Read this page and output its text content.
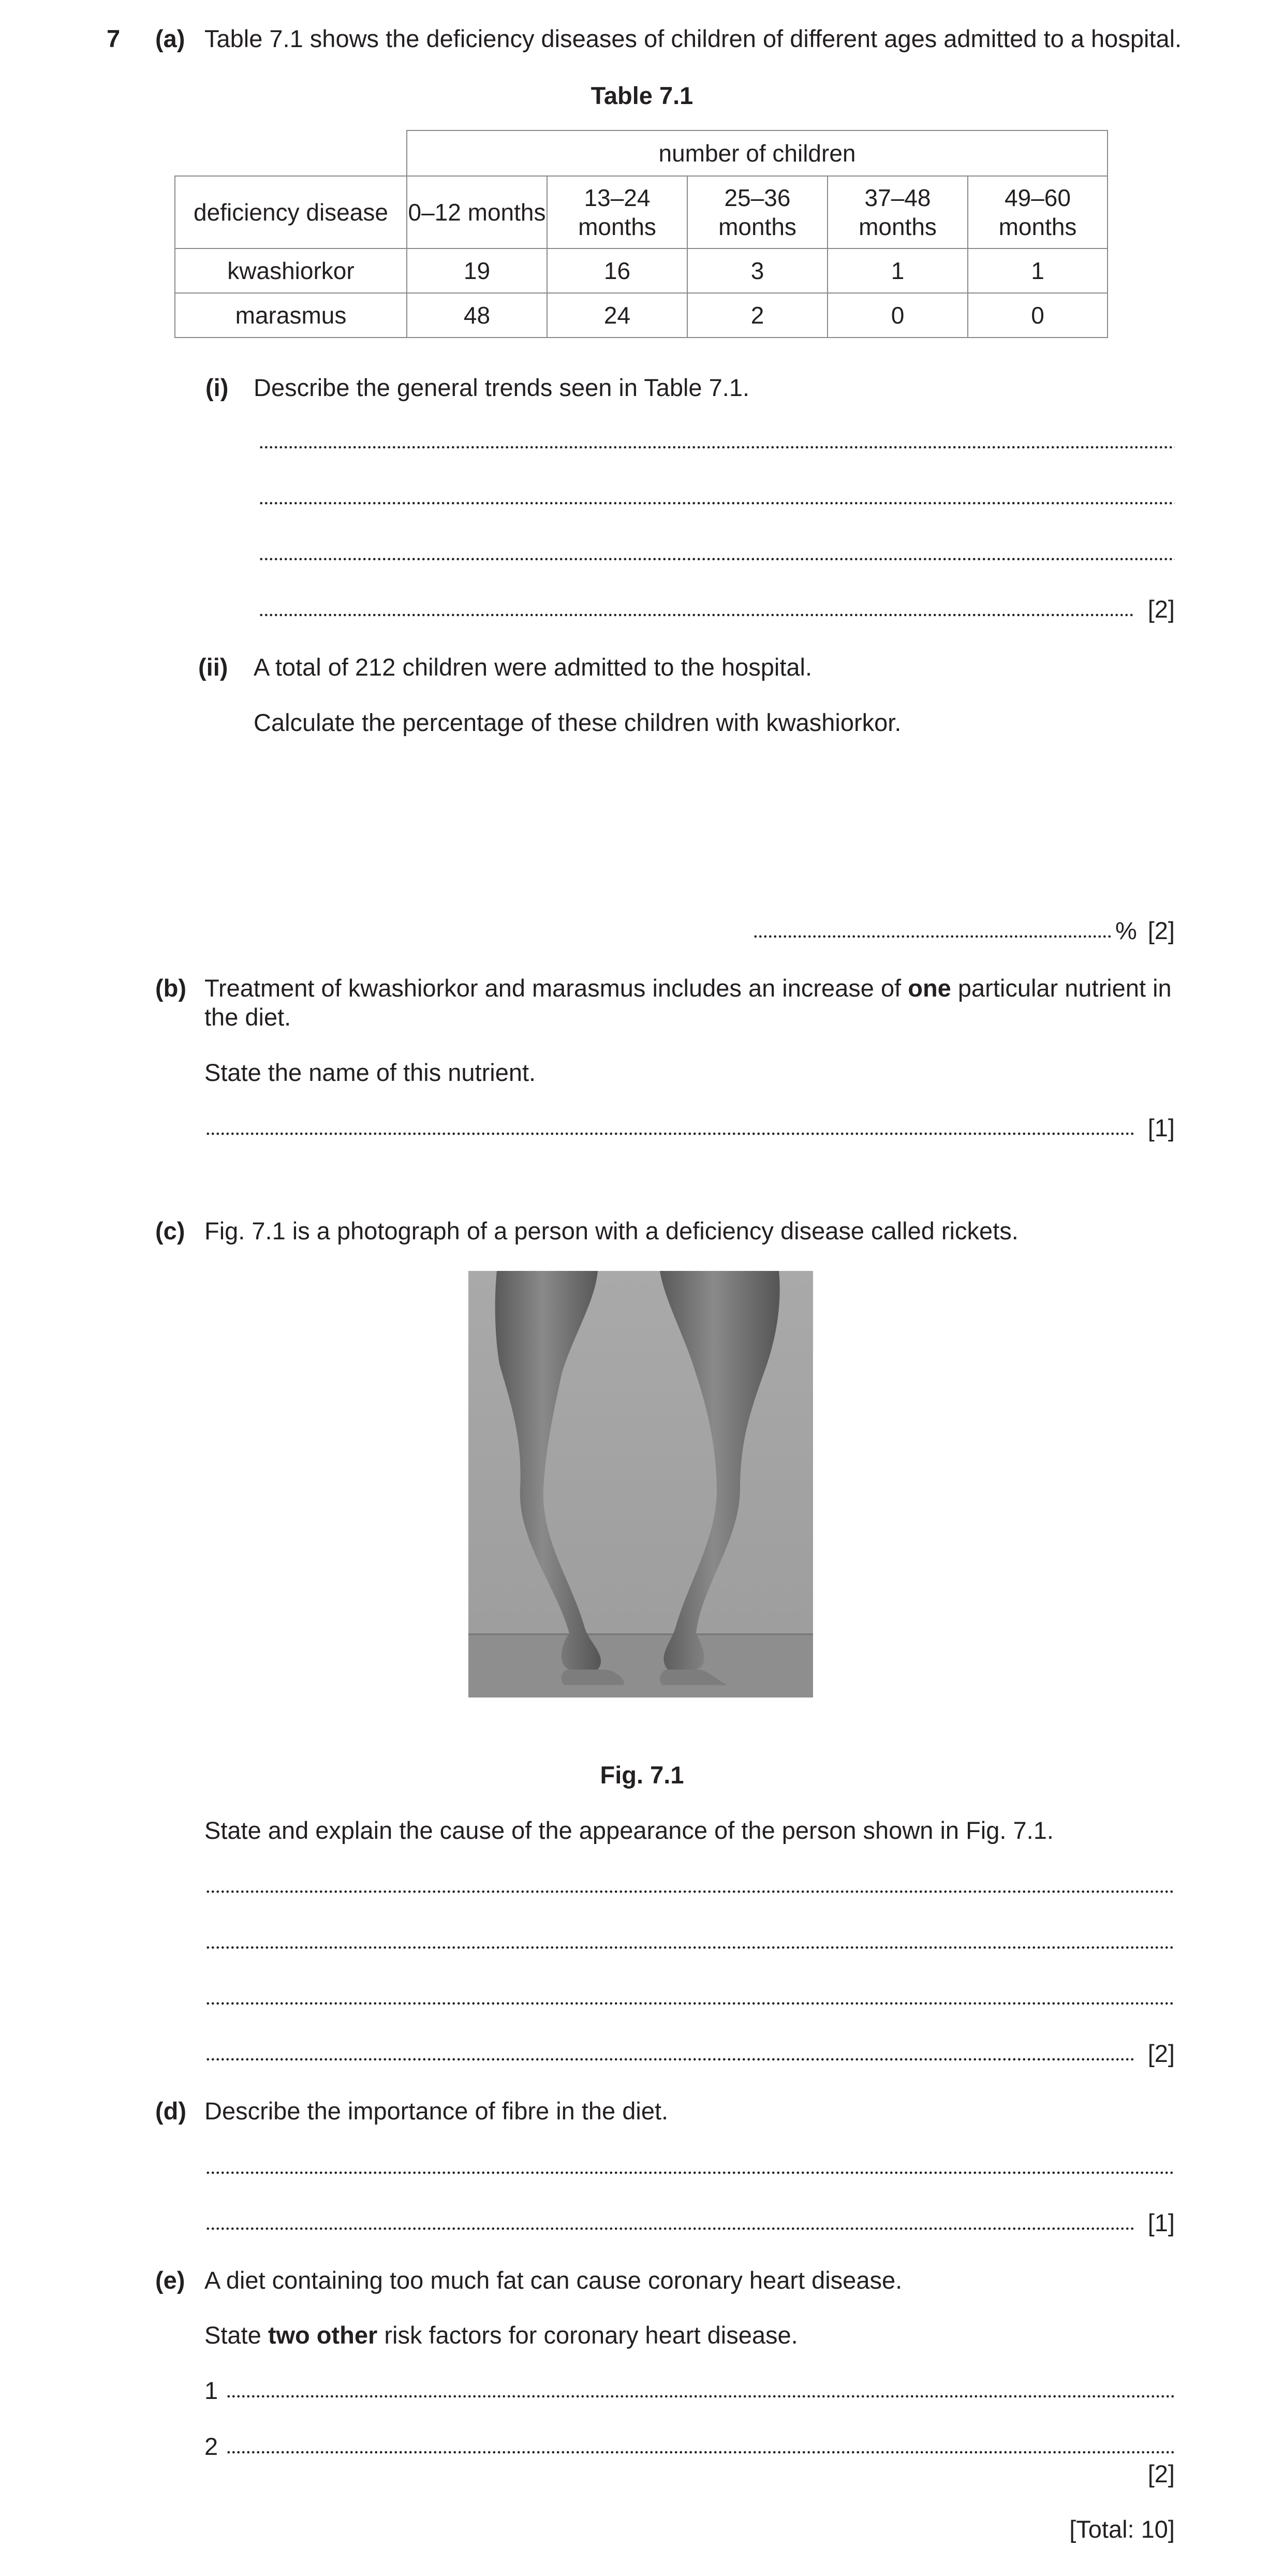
7 (a) Table 7.1 shows the deficiency diseases of children of different ages admitted to a hospital.
Table 7.1
	number of children				
deficiency disease	0–12 months	13–24 months	25–36 months	37–48 months	49–60 months
kwashiorkor	19	16	3	1	1
marasmus	48	24	2	0	0
(i) Describe the general trends seen in Table 7.1.
[2]
(ii) A total of 212 children were admitted to the hospital.
Calculate the percentage of these children with kwashiorkor.
% [2]
(b) Treatment of kwashiorkor and marasmus includes an increase of one particular nutrient in
the diet.
State the name of this nutrient.
[1]
(c) Fig. 7.1 is a photograph of a person with a deficiency disease called rickets.
Fig. 7.1
State and explain the cause of the appearance of the person shown in Fig. 7.1.
[2]
(d) Describe the importance of fibre in the diet.
[1]
(e) A diet containing too much fat can cause coronary heart disease.
State two other risk factors for coronary heart disease.
1
2
[2]
[Total: 10]
